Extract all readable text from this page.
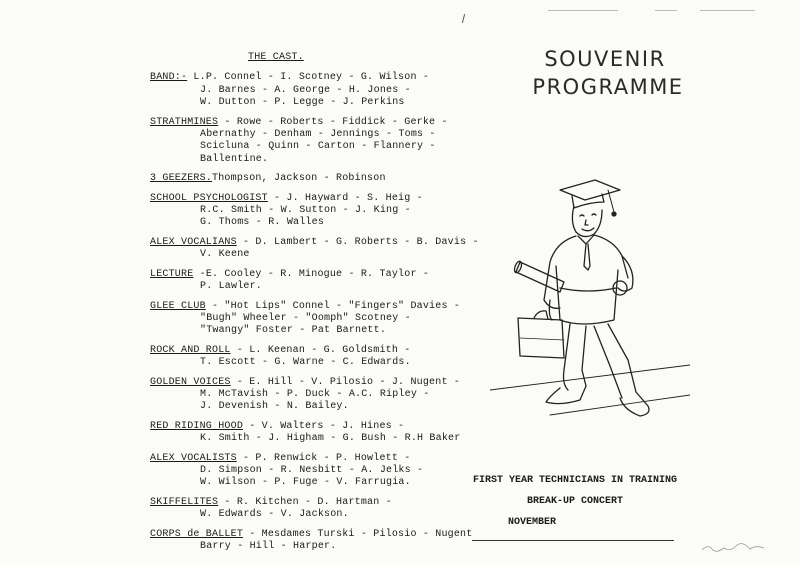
THE CAST.
BAND:- L.P. Connel - I. Scotney - G. Wilson -
J. Barnes - A. George - H. Jones -
W. Dutton - P. Legge - J. Perkins
STRATHMINES - Rowe - Roberts - Fiddick - Gerke -
Abernathy - Denham - Jennings - Toms -
Scicluna - Quinn - Carton - Flannery -
Ballentine.
3 GEEZERS.Thompson, Jackson - Robinson
SCHOOL PSYCHOLOGIST - J. Hayward - S. Heig -
R.C. Smith - W. Sutton - J. King -
G. Thoms - R. Walles
ALEX VOCALIANS - D. Lambert - G. Roberts - B. Davis -
V. Keene
LECTURE -E. Cooley - R. Minogue - R. Taylor -
P. Lawler.
GLEE CLUB - "Hot Lips" Connel - "Fingers" Davies -
"Bugh" Wheeler - "Oomph" Scotney -
"Twangy" Foster - Pat Barnett.
ROCK AND ROLL - L. Keenan - G. Goldsmith -
T. Escott - G. Warne - C. Edwards.
GOLDEN VOICES - E. Hill - V. Pilosio - J. Nugent -
M. McTavish - P. Duck - A.C. Ripley -
J. Devenish - N. Bailey.
RED RIDING HOOD - V. Walters - J. Hines -
K. Smith - J. Higham - G. Bush - R.H Baker
ALEX VOCALISTS - P. Renwick - P. Howlett -
D. Simpson - R. Nesbitt - A. Jelks -
W. Wilson - P. Fuge - V. Farrugia.
SKIFFELITES - R. Kitchen - D. Hartman -
W. Edwards - V. Jackson.
CORPS de BALLET - Mesdames Turski - Pilosio - Nugent
Barry - Hill - Harper.
SOUVENIR
PROGRAMME
FIRST YEAR TECHNICIANS IN TRAINING
BREAK-UP CONCERT
NOVEMBER
